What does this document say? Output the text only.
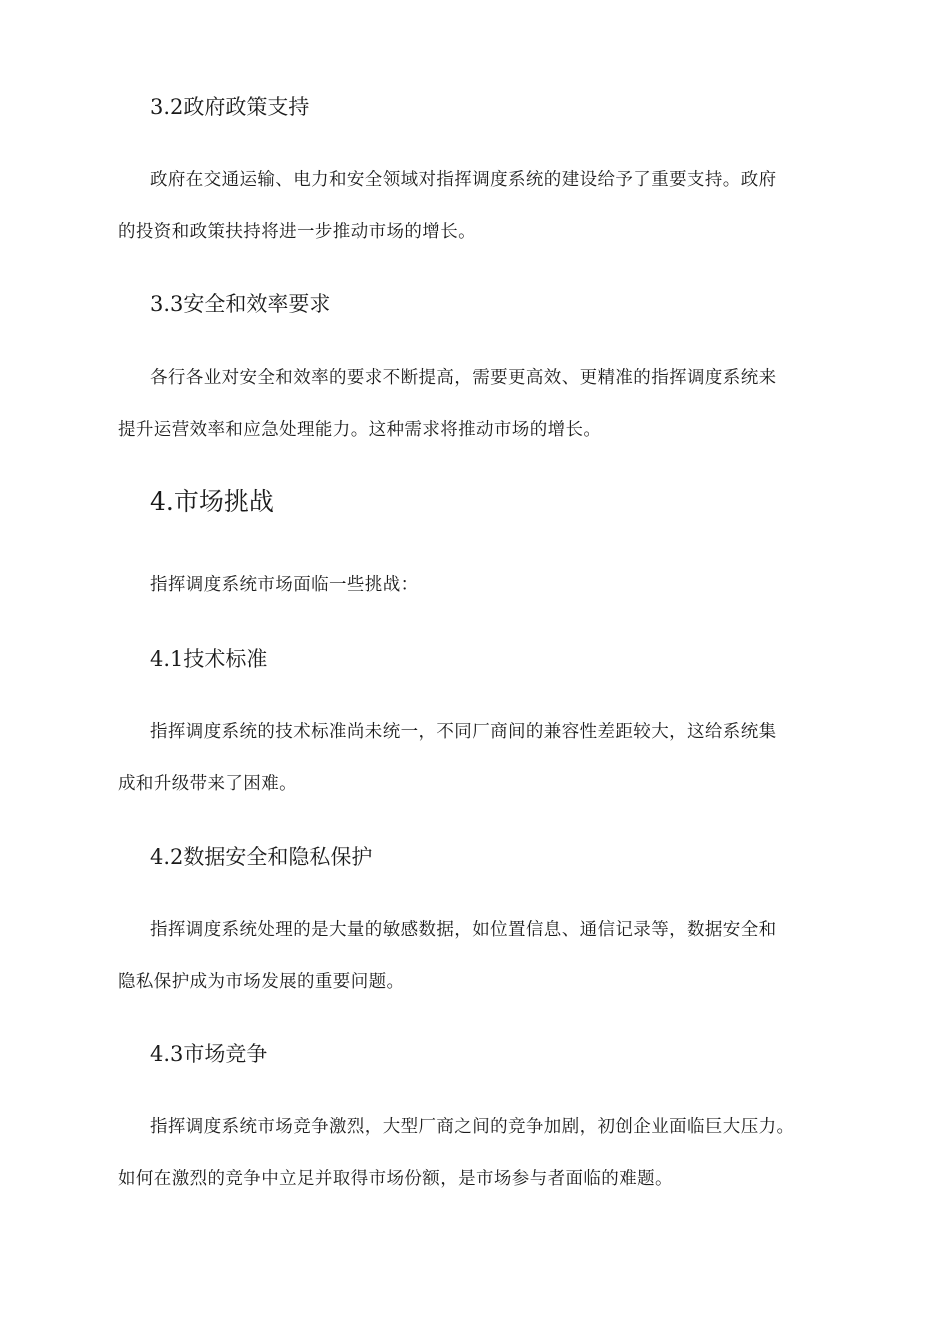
3.2政府政策支持

政府在交通运输、电力和安全领域对指挥调度系统的建设给予了重要支持。政府
的投资和政策扶持将进一步推动市场的增长。

3.3安全和效率要求

各行各业对安全和效率的要求不断提高，需要更高效、更精准的指挥调度系统来
提升运营效率和应急处理能力。这种需求将推动市场的增长。

4.市场挑战

指挥调度系统市场面临一些挑战：

4.1技术标准

指挥调度系统的技术标准尚未统一，不同厂商间的兼容性差距较大，这给系统集
成和升级带来了困难。

4.2数据安全和隐私保护

指挥调度系统处理的是大量的敏感数据，如位置信息、通信记录等，数据安全和
隐私保护成为市场发展的重要问题。

4.3市场竞争

指挥调度系统市场竞争激烈，大型厂商之间的竞争加剧，初创企业面临巨大压力。
如何在激烈的竞争中立足并取得市场份额，是市场参与者面临的难题。
